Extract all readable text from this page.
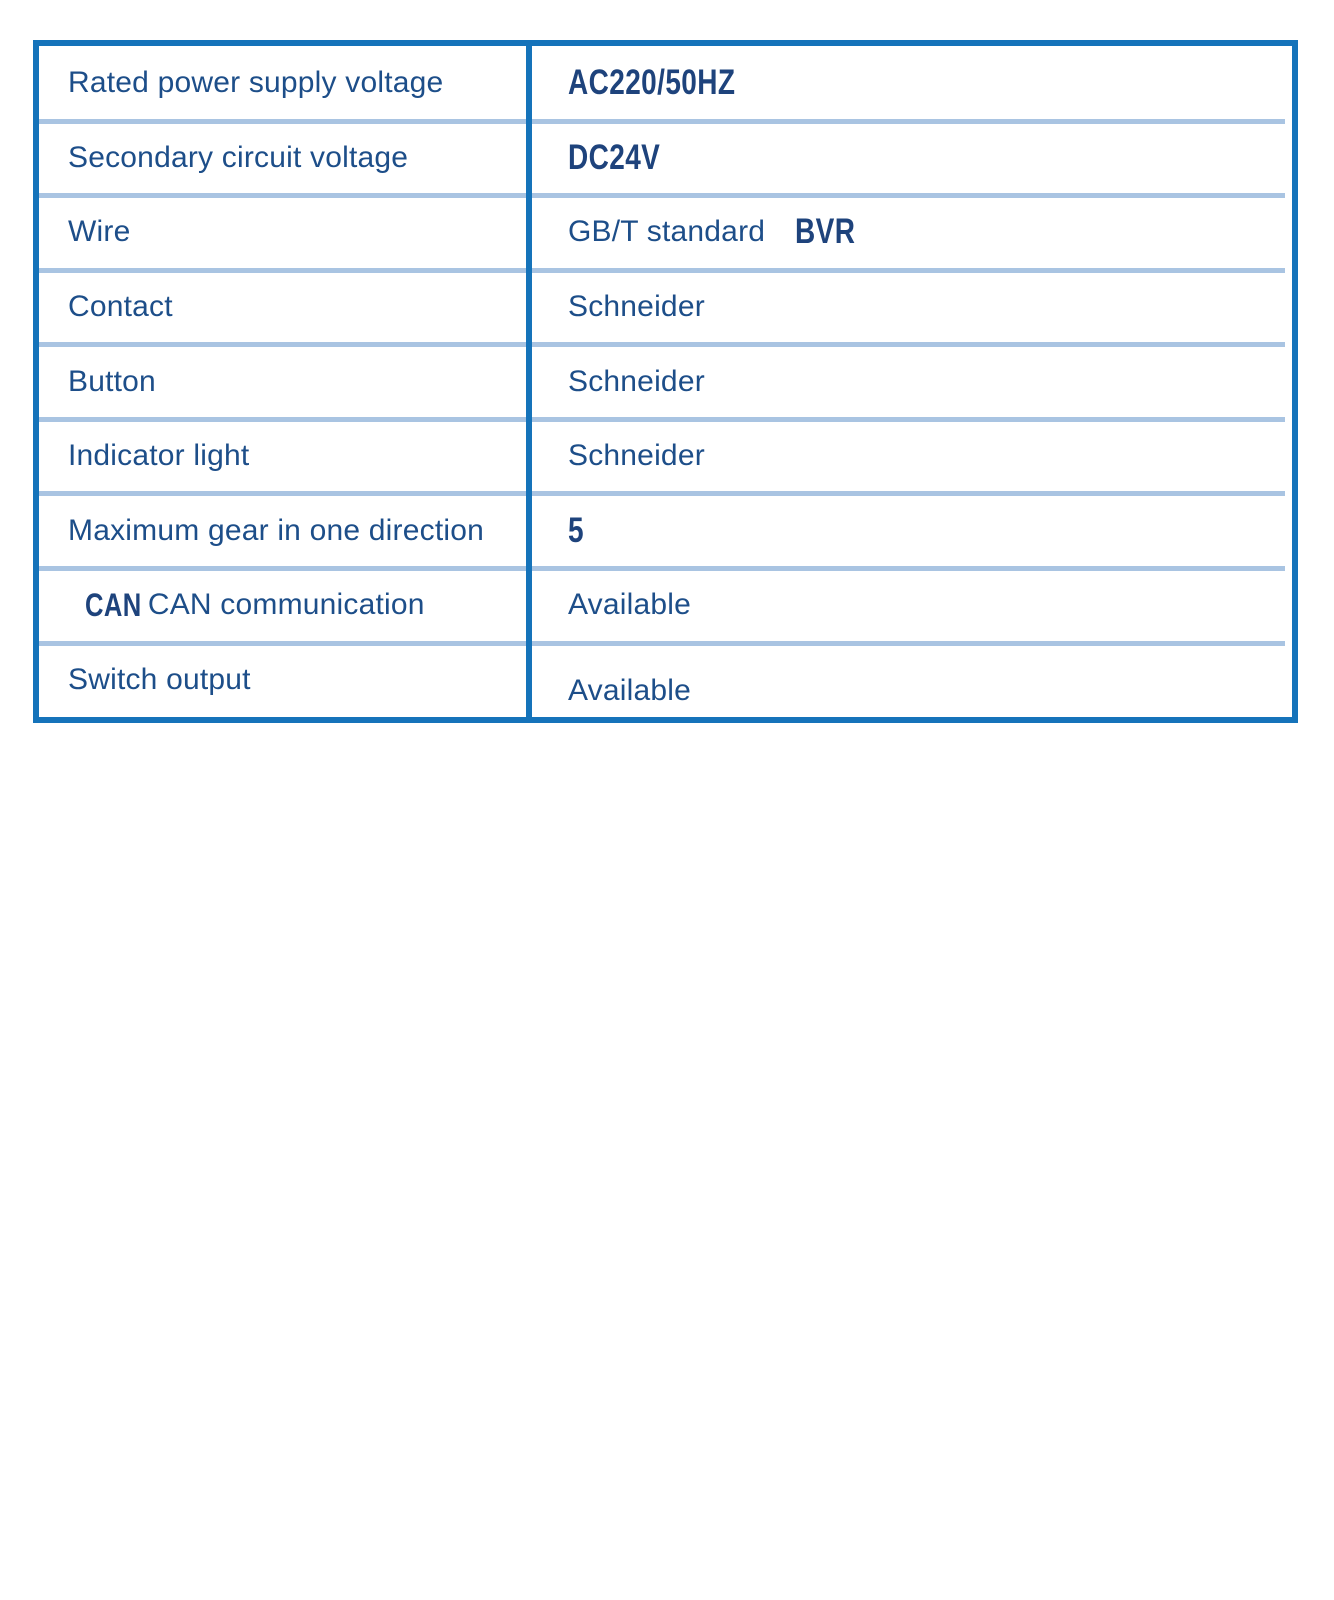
Rated power supply voltage	AC220/50HZ
Secondary circuit voltage	DC24V
Wire	GB/T standard BVR
Contact	Schneider
Button	Schneider
Indicator light	Schneider
Maximum gear in one direction 5
CAN CAN communication	Available
Switch output	Available
